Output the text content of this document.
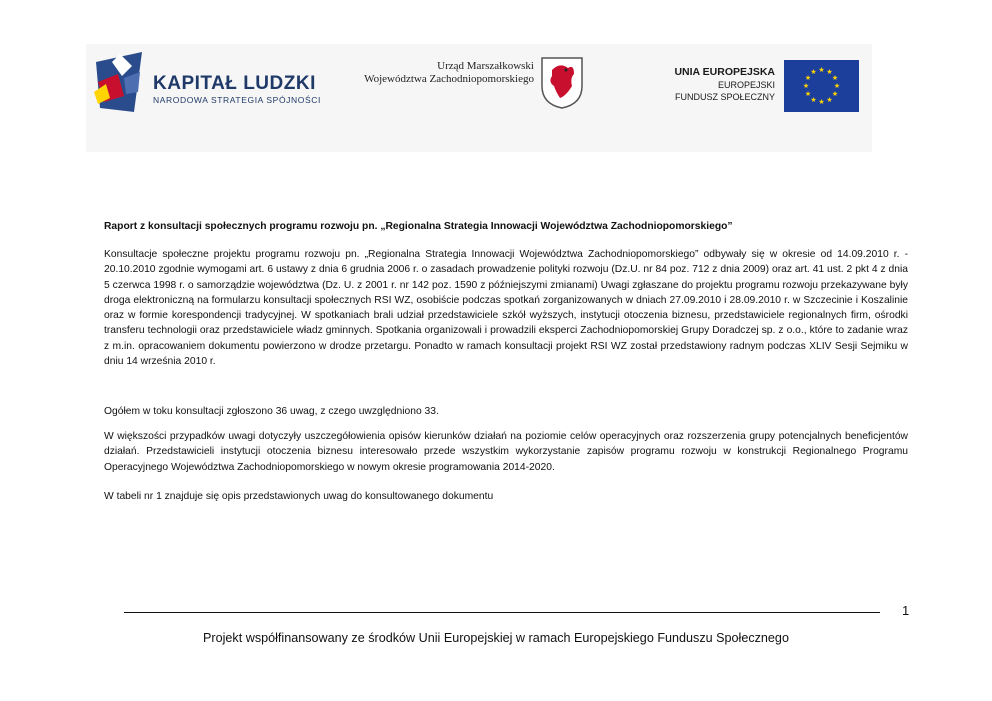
KAPITAŁ LUDZKI
NARODOWA STRATEGIA SPÓJNOŚCI
Urząd Marszałkowski
Województwa Zachodniopomorskiego
UNIA EUROPEJSKA
EUROPEJSKI
FUNDUSZ SPOŁECZNY
★ ★
★
★
★
★
★
★
★
★
★
★
Raport z konsultacji społecznych programu rozwoju pn. „Regionalna Strategia Innowacji Województwa Zachodniopomorskiego”

Konsultacje społeczne projektu programu rozwoju pn. „Regionalna Strategia Innowacji Województwa Zachodniopomorskiego” odbywały się w okresie od 14.09.2010 r. - 20.10.2010 zgodnie wymogami art. 6 ustawy z dnia 6 grudnia 2006 r. o zasadach prowadzenie polityki rozwoju (Dz.U. nr 84 poz. 712 z dnia 2009) oraz art. 41 ust. 2 pkt 4 z dnia 5 czerwca 1998 r. o samorządzie województwa (Dz. U. z 2001 r. nr 142 poz. 1590 z późniejszymi zmianami) Uwagi zgłaszane do projektu programu rozwoju przekazywane były droga elektroniczną na formularzu konsultacji społecznych RSI WZ, osobiście podczas spotkań zorganizowanych w dniach 27.09.2010 i 28.09.2010 r. w Szczecinie i Koszalinie oraz w formie korespondencji tradycyjnej. W spotkaniach brali udział przedstawiciele szkół wyższych, instytucji otoczenia biznesu, przedstawiciele regionalnych firm, ośrodki transferu technologii oraz przedstawiciele władz gminnych. Spotkania organizowali i prowadzili eksperci Zachodniopomorskiej Grupy Doradczej sp. z o.o., które to zadanie wraz z m.in. opracowaniem dokumentu powierzono w drodze przetargu. Ponadto w ramach konsultacji projekt RSI WZ został przedstawiony radnym podczas XLIV Sesji Sejmiku w dniu 14 września 2010 r.

Ogółem w toku konsultacji zgłoszono 36 uwag, z czego uwzględniono 33.

W większości przypadków uwagi dotyczyły uszczegółowienia opisów kierunków działań na poziomie celów operacyjnych oraz rozszerzenia grupy potencjalnych beneficjentów działań. Przedstawicieli instytucji otoczenia biznesu interesowało przede wszystkim wykorzystanie zapisów programu rozwoju w konstrukcji Regionalnego Programu Operacyjnego Województwa Zachodniopomorskiego w nowym okresie programowania 2014-2020.

W tabeli nr 1 znajduje się opis przedstawionych uwag do konsultowanego dokumentu

1
Projekt współfinansowany ze środków Unii Europejskiej w ramach Europejskiego Funduszu Społecznego
